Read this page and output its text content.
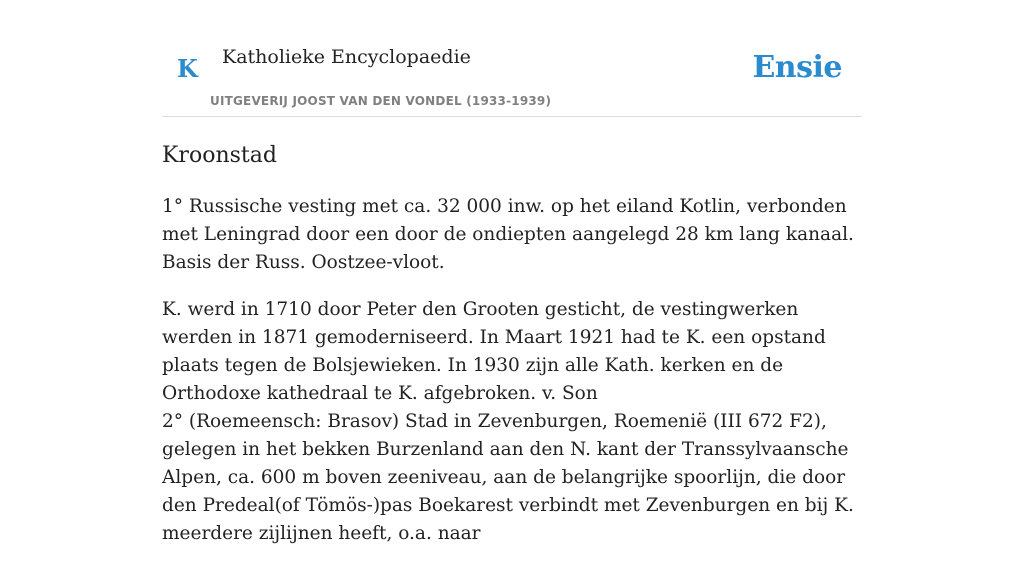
K Katholieke Encyclopaedie
UITGEVERIJ JOOST VAN DEN VONDEL (1933-1939)
Ensie
Kroonstad

1° Russische vesting met ca. 32 000 inw. op het eiland Kotlin, verbonden met Leningrad door een door de ondiepten aangelegd 28 km lang kanaal. Basis der Russ. Oostzee-vloot.

K. werd in 1710 door Peter den Grooten gesticht, de vestingwerken werden in 1871 gemoderniseerd. In Maart 1921 had te K. een opstand plaats tegen de Bolsjewieken. In 1930 zijn alle Kath. kerken en de Orthodoxe kathedraal te K. afgebroken. v. Son

2° (Roemeensch: Brasov) Stad in Zevenburgen, Roemenië (III 672 F2), gelegen in het bekken Burzenland aan den N. kant der Transsylvaansche Alpen, ca. 600 m boven zeeniveau, aan de belangrijke spoorlijn, die door den Predeal(of Tömös-)pas Boekarest verbindt met Zevenburgen en bij K. meerdere zijlijnen heeft, o.a. naar
